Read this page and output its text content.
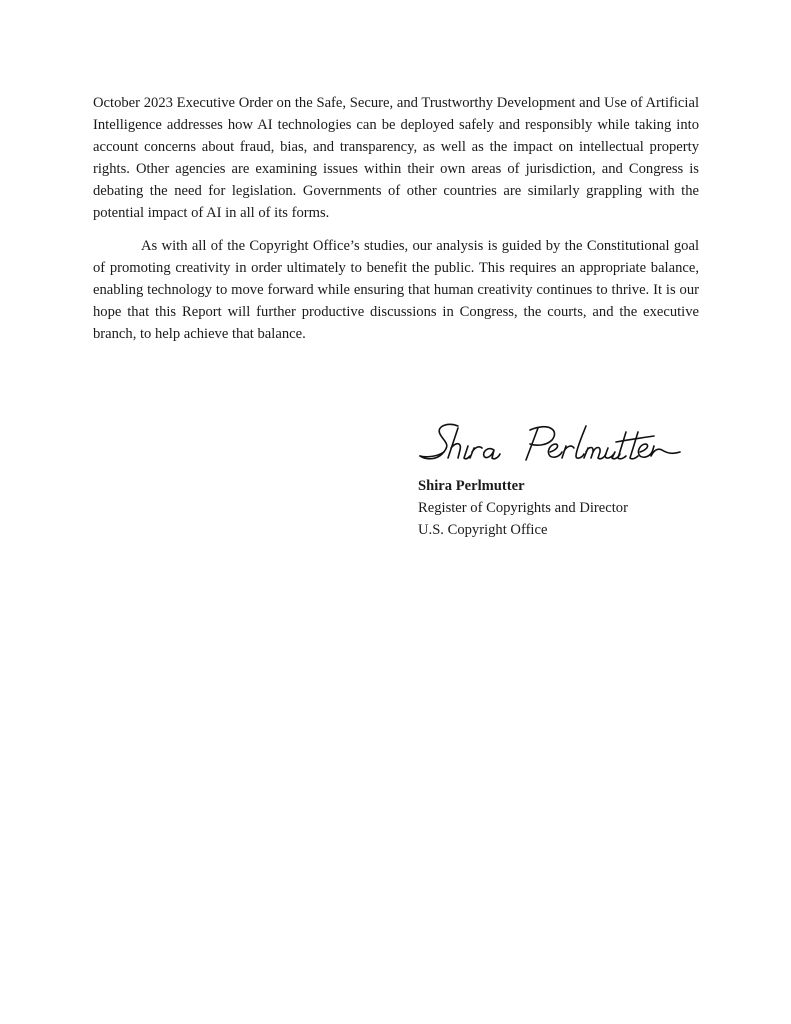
October 2023 Executive Order on the Safe, Secure, and Trustworthy Development and Use of Artificial Intelligence addresses how AI technologies can be deployed safely and responsibly while taking into account concerns about fraud, bias, and transparency, as well as the impact on intellectual property rights. Other agencies are examining issues within their own areas of jurisdiction, and Congress is debating the need for legislation. Governments of other countries are similarly grappling with the potential impact of AI in all of its forms.

As with all of the Copyright Office’s studies, our analysis is guided by the Constitutional goal of promoting creativity in order ultimately to benefit the public. This requires an appropriate balance, enabling technology to move forward while ensuring that human creativity continues to thrive. It is our hope that this Report will further productive discussions in Congress, the courts, and the executive branch, to help achieve that balance.

Shira Perlmutter
Register of Copyrights and Director
U.S. Copyright Office
